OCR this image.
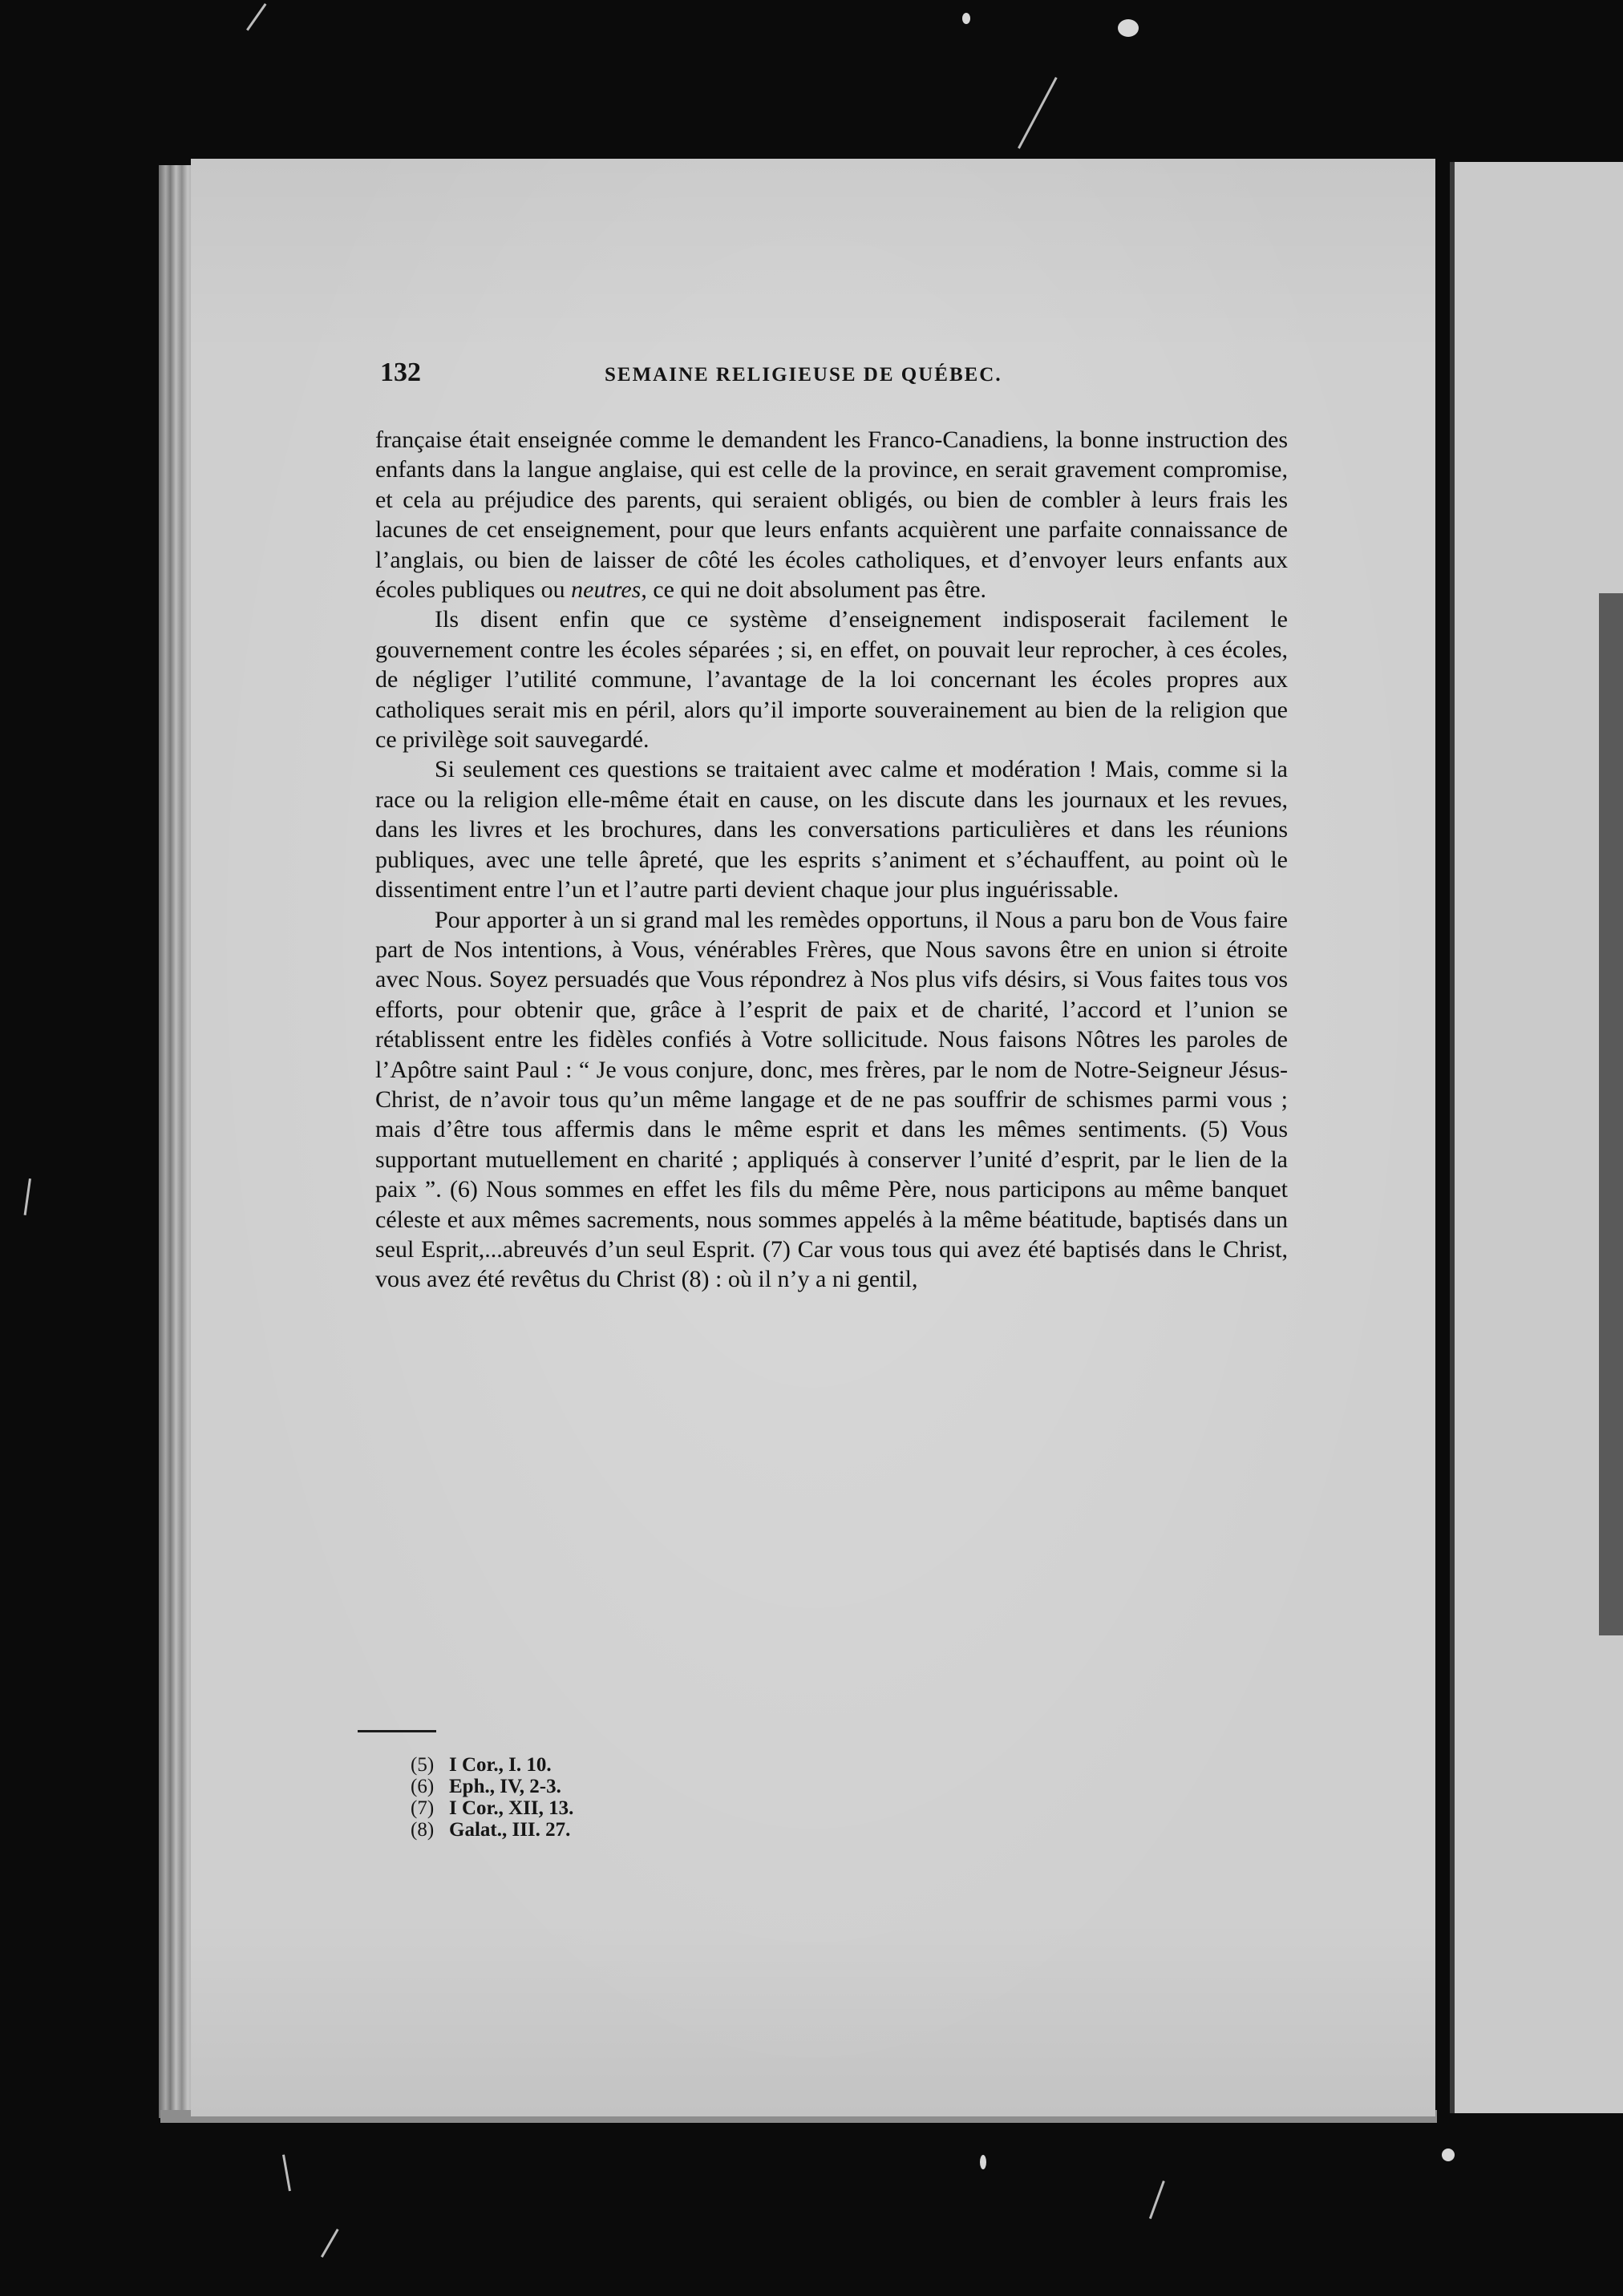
132	SEMAINE RELIGIEUSE DE QUÉBEC.

française était enseignée comme le demandent les Franco-Canadiens, la bonne instruction des enfants dans la langue anglaise, qui est celle de la province, en serait gravement compromise, et cela au préjudice des parents, qui seraient obligés, ou bien de combler à leurs frais les lacunes de cet enseignement, pour que leurs enfants acquièrent une parfaite connaissance de l’anglais, ou bien de laisser de côté les écoles catholiques, et d’envoyer leurs enfants aux écoles publiques ou neutres, ce qui ne doit absolument pas être.

Ils disent enfin que ce système d’enseignement indisposerait facilement le gouvernement contre les écoles séparées ; si, en effet, on pouvait leur reprocher, à ces écoles, de négliger l’utilité commune, l’avantage de la loi concernant les écoles propres aux catholiques serait mis en péril, alors qu’il importe souverainement au bien de la religion que ce privilège soit sauvegardé.

Si seulement ces questions se traitaient avec calme et modération ! Mais, comme si la race ou la religion elle-même était en cause, on les discute dans les journaux et les revues, dans les livres et les brochures, dans les conversations particulières et dans les réunions publiques, avec une telle âpreté, que les esprits s’animent et s’échauffent, au point où le dissentiment entre l’un et l’autre parti devient chaque jour plus inguérissable.

Pour apporter à un si grand mal les remèdes opportuns, il Nous a paru bon de Vous faire part de Nos intentions, à Vous, vénérables Frères, que Nous savons être en union si étroite avec Nous. Soyez persuadés que Vous répondrez à Nos plus vifs désirs, si Vous faites tous vos efforts, pour obtenir que, grâce à l’esprit de paix et de charité, l’accord et l’union se rétablissent entre les fidèles confiés à Votre sollicitude. Nous faisons Nôtres les paroles de l’Apôtre saint Paul : “ Je vous conjure, donc, mes frères, par le nom de Notre-Seigneur Jésus-Christ, de n’avoir tous qu’un même langage et de ne pas souffrir de schismes parmi vous ; mais d’être tous affermis dans le même esprit et dans les mêmes sentiments. (5) Vous supportant mutuellement en charité ; appliqués à conserver l’unité d’esprit, par le lien de la paix ”. (6) Nous sommes en effet les fils du même Père, nous participons au même banquet céleste et aux mêmes sacrements, nous sommes appelés à la même béatitude, baptisés dans un seul Esprit,...abreuvés d’un seul Esprit. (7) Car vous tous qui avez été baptisés dans le Christ, vous avez été revêtus du Christ (8) : où il n’y a ni gentil,

(5) I Cor., I. 10.
(6) Eph., IV, 2-3.
(7) I Cor., XII, 13.
(8) Galat., III. 27.
